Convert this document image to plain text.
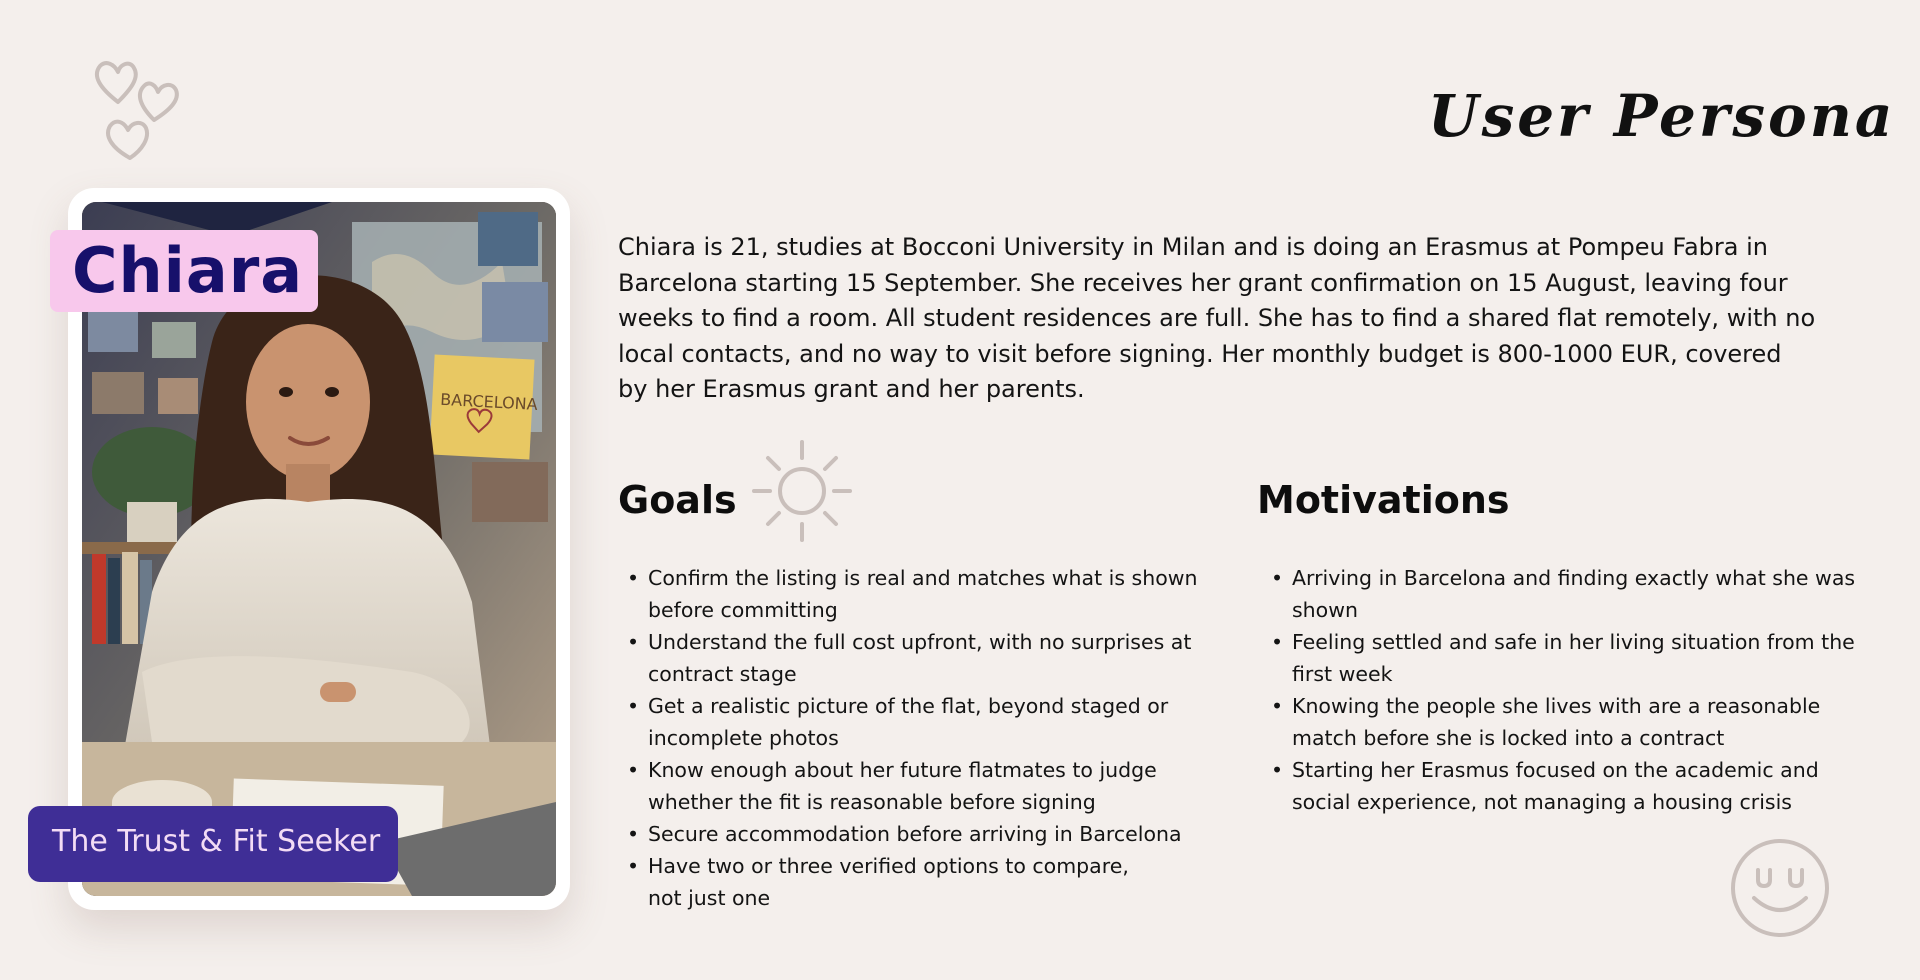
User Persona
BARCELONA
Chiara
The Trust & Fit Seeker
Chiara is 21, studies at Bocconi University in Milan and is doing an Erasmus at Pompeu Fabra in Barcelona starting 15 September. She receives her grant confirmation on 15 August, leaving four weeks to find a room. All student residences are full. She has to find a shared flat remotely, with no local contacts, and no way to visit before signing. Her monthly budget is 800-1000 EUR, covered by her Erasmus grant and her parents.
Goals
• Confirm the listing is real and matches what is shown
before committing
• Understand the full cost upfront, with no surprises at
contract stage
• Get a realistic picture of the flat, beyond staged or
incomplete photos
• Know enough about her future flatmates to judge
whether the fit is reasonable before signing
• Secure accommodation before arriving in Barcelona
• Have two or three verified options to compare,
not just one
Motivations
• Arriving in Barcelona and finding exactly what she was
shown
• Feeling settled and safe in her living situation from the
first week
• Knowing the people she lives with are a reasonable
match before she is locked into a contract
• Starting her Erasmus focused on the academic and
social experience, not managing a housing crisis
